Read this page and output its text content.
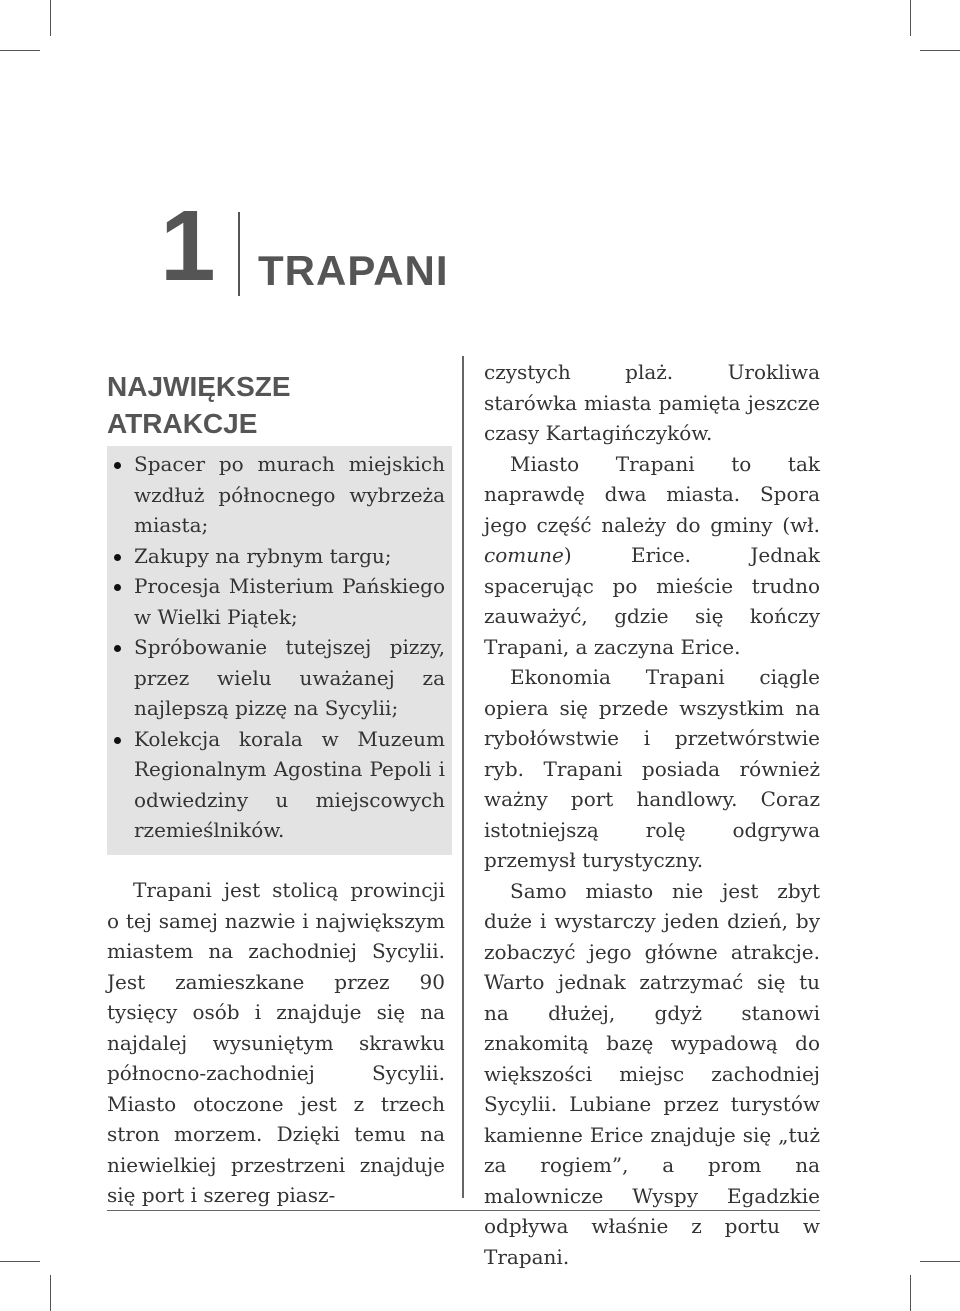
1 TRAPANI
NAJWIĘKSZE
ATRAKCJE
Spacer po murach miejskich wzdłuż północnego wybrzeża miasta;
Zakupy na rybnym targu;
Procesja Misterium Pańskiego w Wielki Piątek;
Spróbowanie tutejszej pizzy, przez wielu uważanej za najlepszą pizzę na Sycylii;
Kolekcja korala w Muzeum Regionalnym Agostina Pepoli i odwiedziny u miejscowych rzemieślników.

Trapani jest stolicą prowincji o tej samej nazwie i największym miastem na zachodniej Sycylii. Jest zamieszkane przez 90 tysięcy osób i znajduje się na najdalej wysuniętym skrawku północno-zachodniej Sycylii. Miasto otoczone jest z trzech stron morzem. Dzięki temu na niewielkiej przestrzeni znajduje się port i szereg piasz-

czystych plaż. Urokliwa starówka miasta pamięta jeszcze czasy Kartagińczyków.

Miasto Trapani to tak naprawdę dwa miasta. Spora jego część należy do gminy (wł. comune) Erice. Jednak spacerując po mieście trudno zauważyć, gdzie się kończy Trapani, a zaczyna Erice.

Ekonomia Trapani ciągle opiera się przede wszystkim na rybołówstwie i przetwórstwie ryb. Trapani posiada również ważny port handlowy. Coraz istotniejszą rolę odgrywa przemysł turystyczny.

Samo miasto nie jest zbyt duże i wystarczy jeden dzień, by zobaczyć jego główne atrakcje. Warto jednak zatrzymać się tu na dłużej, gdyż stanowi znakomitą bazę wypadową do większości miejsc zachodniej Sycylii. Lubiane przez turystów kamienne Erice znajduje się „tuż za rogiem”, a prom na malownicze Wyspy Egadzkie odpływa właśnie z portu w Trapani.
